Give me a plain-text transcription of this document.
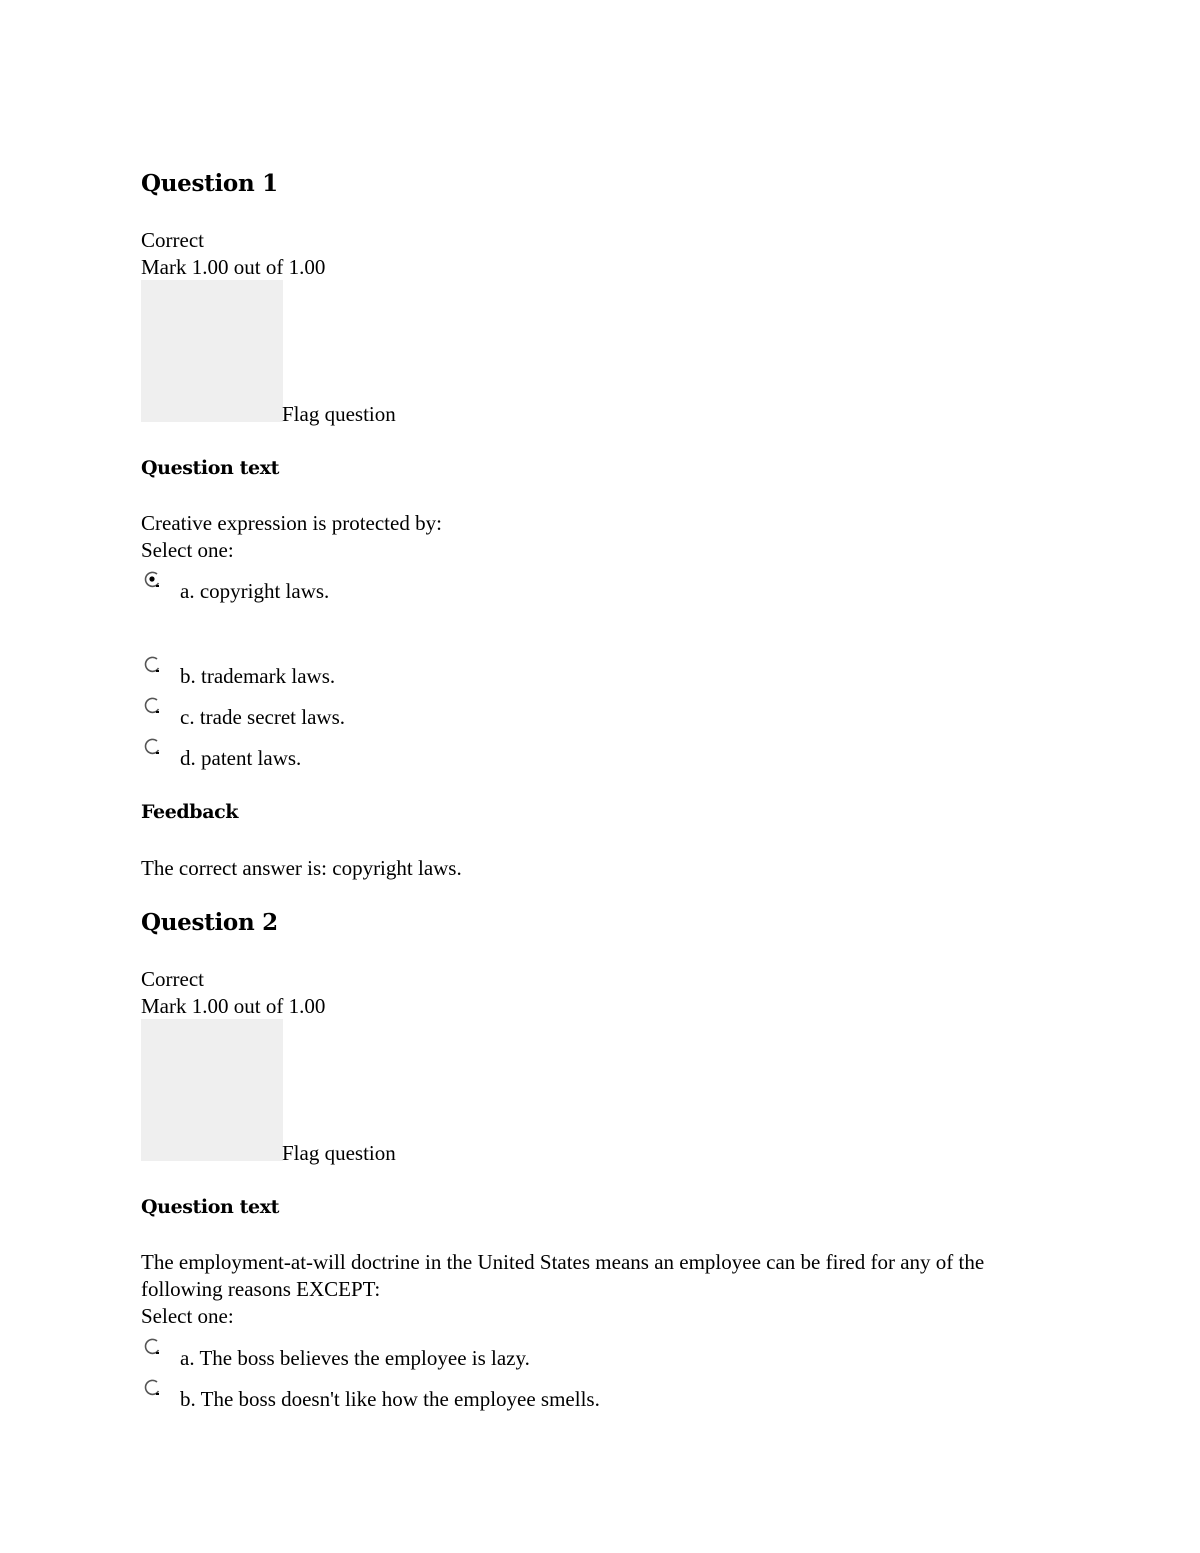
Question 1
Correct
Mark 1.00 out of 1.00
Flag question
Question text
Creative expression is protected by:
Select one:
a. copyright laws.
b. trademark laws.
c. trade secret laws.
d. patent laws.
Feedback
The correct answer is: copyright laws.
Question 2
Correct
Mark 1.00 out of 1.00
Flag question
Question text
The employment-at-will doctrine in the United States means an employee can be fired for any of the following reasons EXCEPT:
Select one:
a. The boss believes the employee is lazy.
b. The boss doesn't like how the employee smells.
